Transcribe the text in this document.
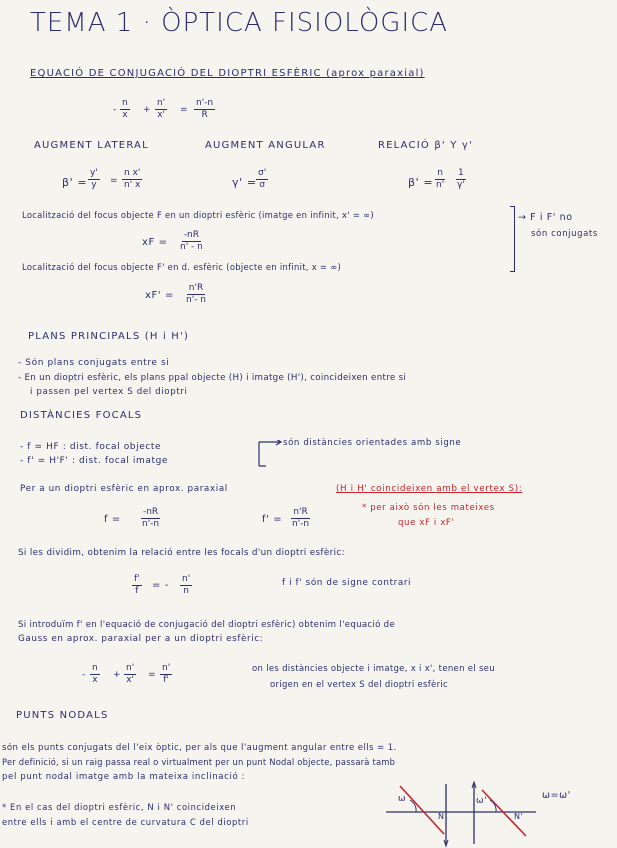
TEMA 1 · ÒPTICA FISIOLÒGICA
EQUACIÓ DE CONJUGACIÓ DEL DIOPTRI ESFÈRIC (aprox paraxial)
- $\frac{n}{x} + \frac{n'}{x'} = \frac{n'-n}{R}$
AUGMENT LATERAL	AUGMENT ANGULAR	RELACIÓ β' Y γ'
$\beta' = \frac{y'}{y} = \frac{\text{n x'}}{n' x}$	$\gamma' = \frac{\sigma'}{\sigma}$	$\beta' = \frac{n}{n'} \frac{1}{\gamma'}$
Localització del focus objecte F en un dioptri esfèric (imatge en infinit, x' = ∞)
xF = $\frac{-nR}{n' - n}$
Localització del focus objecte F' en d. esfèric (objecte en infinit, x = ∞)
$xF' = \frac{n'R}{n'- n}$
→ F i F' no
són conjugats
PLANS PRINCIPALS (H i H')
- Són plans conjugats entre si
- En un dioptri esfèric, els plans ppal objecte (H) i imatge (H'), coincideixen entre si
i passen pel vertex S del dioptri
DISTÀNCIES FOCALS
- f = HF : dist. focal objecte
- f' = H'F' : dist. focal imatge
són distàncies orientades amb signe
Per a un dioptri esfèric en aprox. paraxial	(H i H' coincideixen amb el vertex S):
$f = \frac{-nR}{n'-n}$	$f' = \frac{n'R}{n'-n}$	* per això són les mateixes
que xF i xF'
Si les dividim, obtenim la relació entre les focals d'un dioptri esfèric:
$\frac{f'}{f}$ = - $\frac{n'}{n}$	f i f' són de signe contrari
Si introduïm f' en l'equació de conjugació del dioptri esfèric) obtenim l'equació de
Gauss en aprox. paraxial per a un dioptri esfèric:
- $\frac{n}{x} + \frac{n'}{x'} = \frac{n'}{f'}$	on les distàncies objecte i imatge, x i x', tenen el seu
origen en el vertex S del dioptri esfèric
PUNTS NODALS
són els punts conjugats del l'eix òptic, per als que l'augment angular entre ells = 1.
Per definició, si un raig passa real o virtualment per un punt Nodal objecte, passarà tamb
pel punt nodal imatge amb la mateixa inclinació :
* En el cas del dioptri esfèric, N i N' coincideixen
entre ells i amb el centre de curvatura C del dioptri
ω	ω'
N	N'
ω=ω'
